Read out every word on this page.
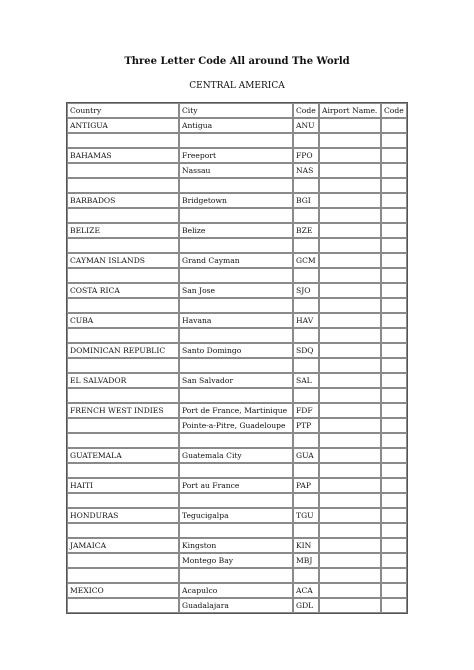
Three Letter Code All around The World
CENTRAL AMERICA
Country	City	Code	Airport Name.	Code
ANTIGUA	Antigua	ANU		

BAHAMAS	Freeport	FPO		
	Nassau	NAS		

BARBADOS	Bridgetown	BGI		

BELIZE	Belize	BZE		

CAYMAN ISLANDS	Grand Cayman	GCM		

COSTA RICA	San Jose	SJO		

CUBA	Havana	HAV		

DOMINICAN REPUBLIC	Santo Domingo	SDQ		

EL SALVADOR	San Salvador	SAL		

FRENCH WEST INDIES	Port de France, Martinique	FDF		
	Pointe-a-Pitre, Guadeloupe	PTP		

GUATEMALA	Guatemala City	GUA		

HAITI	Port au France	PAP		

HONDURAS	Tegucigalpa	TGU		

JAMAICA	Kingston	KIN		
	Montego Bay	MBJ		

MEXICO	Acapulco	ACA		
	Guadalajara	GDL		
